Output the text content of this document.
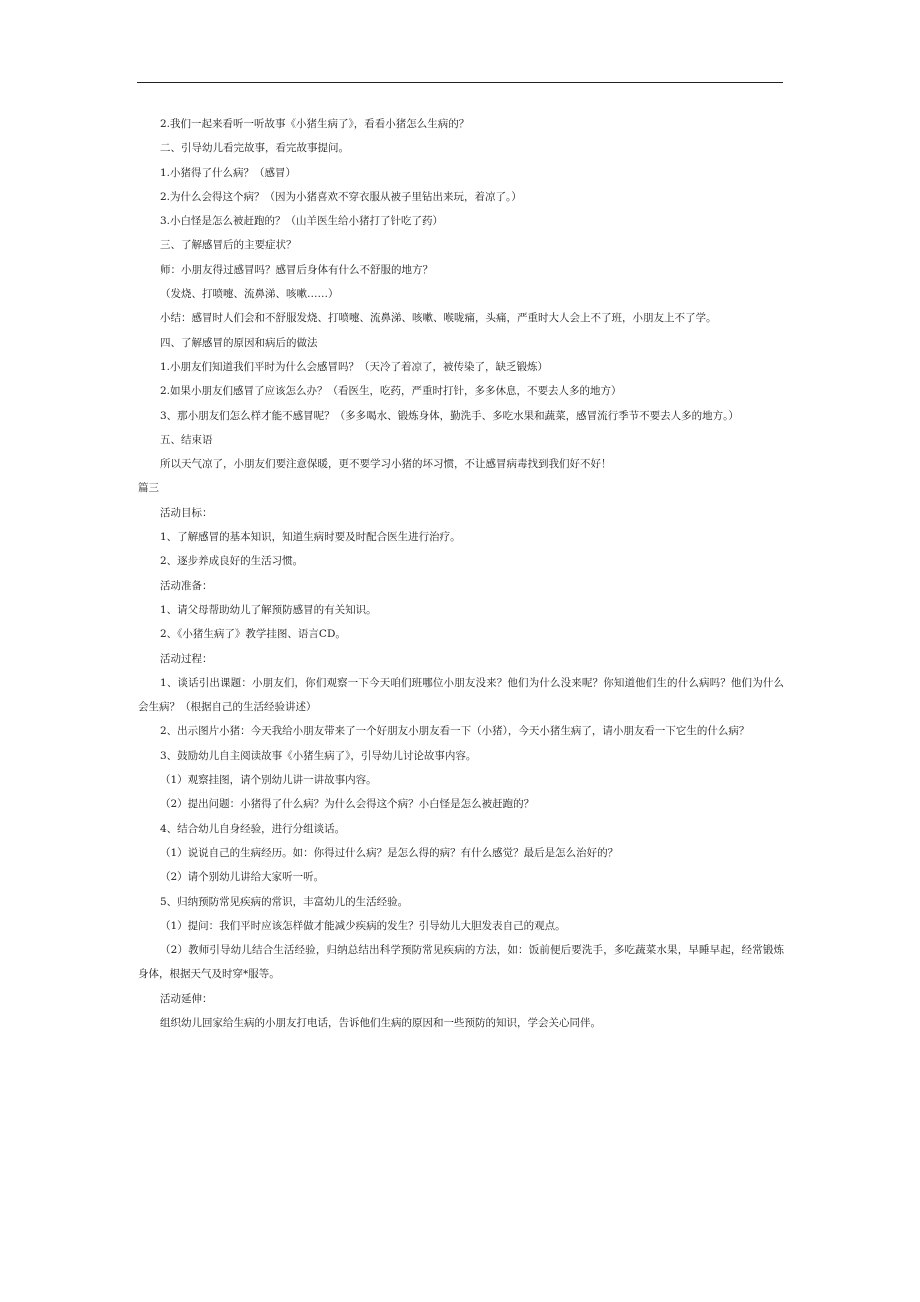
2.我们一起来看听一听故事《小猪生病了》，看看小猪怎么生病的？
二、引导幼儿看完故事，看完故事提问。
1.小猪得了什么病？（感冒）
2.为什么会得这个病？（因为小猪喜欢不穿衣服从被子里钻出来玩，着凉了。）
3.小白怪是怎么被赶跑的？（山羊医生给小猪打了针吃了药）
三、了解感冒后的主要症状？
师：小朋友得过感冒吗？感冒后身体有什么不舒服的地方？
（发烧、打喷嚏、流鼻涕、咳嗽……）
小结：感冒时人们会和不舒服发烧、打喷嚏、流鼻涕、咳嗽、喉咙痛，头痛，严重时大人会上不了班，小朋友上不了学。
四、了解感冒的原因和病后的做法
1.小朋友们知道我们平时为什么会感冒吗？（天冷了着凉了，被传染了，缺乏锻炼）
2.如果小朋友们感冒了应该怎么办？（看医生，吃药，严重时打针，多多休息，不要去人多的地方）
3、那小朋友们怎么样才能不感冒呢？（多多喝水、锻炼身体，勤洗手、多吃水果和蔬菜，感冒流行季节不要去人多的地方。）
五、结束语
所以天气凉了，小朋友们要注意保暖，更不要学习小猪的坏习惯，不让感冒病毒找到我们好不好！
篇三
活动目标：
1、了解感冒的基本知识，知道生病时要及时配合医生进行治疗。
2、逐步养成良好的生活习惯。
活动准备：
1、请父母帮助幼儿了解预防感冒的有关知识。
2、《小猪生病了》教学挂图、语言CD。
活动过程：
1、谈话引出课题：小朋友们，你们观察一下今天咱们班哪位小朋友没来？他们为什么没来呢？你知道他们生的什么病吗？他们为什么会生病？（根据自己的生活经验讲述）
2、出示图片小猪：今天我给小朋友带来了一个好朋友小朋友看一下（小猪），今天小猪生病了，请小朋友看一下它生的什么病？
3、鼓励幼儿自主阅读故事《小猪生病了》，引导幼儿讨论故事内容。
（1）观察挂图，请个别幼儿讲一讲故事内容。
（2）提出问题：小猪得了什么病？为什么会得这个病？小白怪是怎么被赶跑的？
4、结合幼儿自身经验，进行分组谈话。
（1）说说自己的生病经历。如：你得过什么病？是怎么得的病？有什么感觉？最后是怎么治好的？
（2）请个别幼儿讲给大家听一听。
5、归纳预防常见疾病的常识，丰富幼儿的生活经验。
（1）提问：我们平时应该怎样做才能减少疾病的发生？引导幼儿大胆发表自己的观点。
（2）教师引导幼儿结合生活经验，归纳总结出科学预防常见疾病的方法，如：饭前便后要洗手，多吃蔬菜水果，早睡早起，经常锻炼身体，根据天气及时穿*服等。
活动延伸：
组织幼儿回家给生病的小朋友打电话，告诉他们生病的原因和一些预防的知识，学会关心同伴。
